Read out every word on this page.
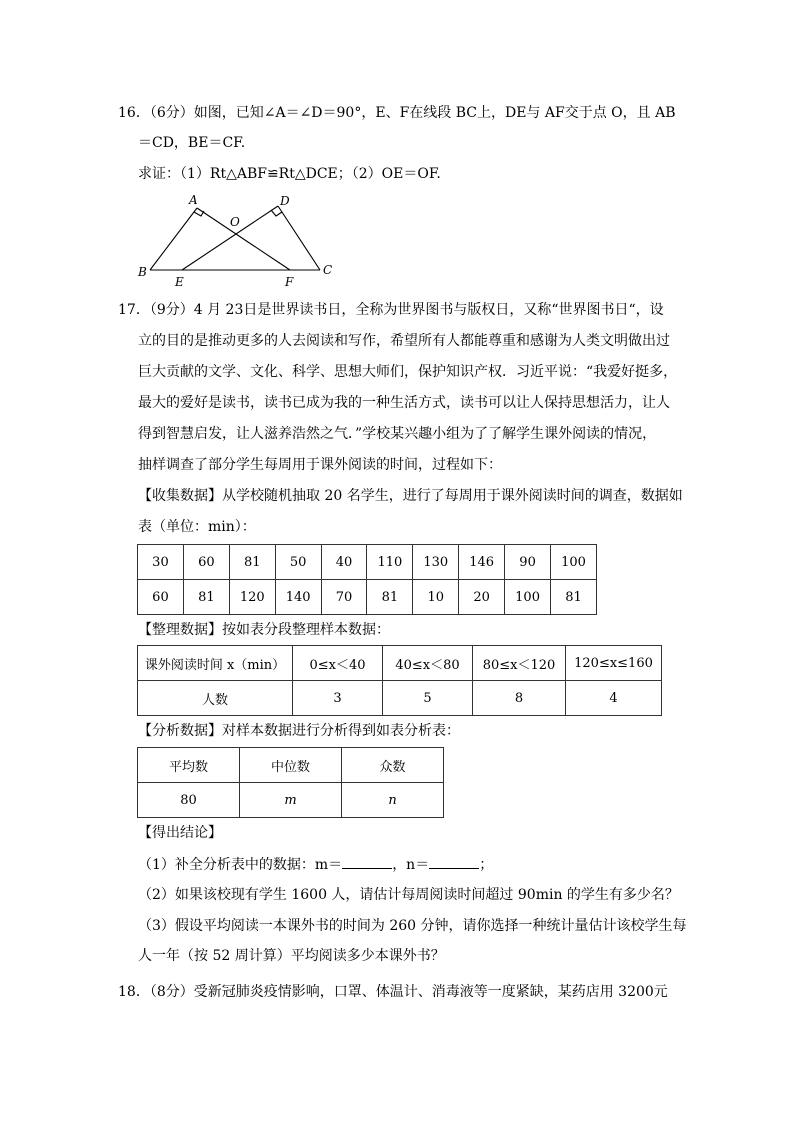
16．（6分）如图，已知∠A＝∠D＝90°，E、F在线段 BC上，DE与 AF交于点 O，且 AB
＝CD，BE＝CF.
求证：（1）Rt△ABF≌Rt△DCE；（2）OE＝OF.
A	D
O
B
E	F
C
17．（9分）4 月 23日是世界读书日，全称为世界图书与版权日，又称“世界图书日“，设
立的目的是推动更多的人去阅读和写作，希望所有人都能尊重和感谢为人类文明做出过
巨大贡献的文学、文化、科学、思想大师们，保护知识产权．习近平说：“我爱好挺多，
最大的爱好是读书，读书已成为我的一种生活方式，读书可以让人保持思想活力，让人
得到智慧启发，让人滋养浩然之气．”学校某兴趣小组为了了解学生课外阅读的情况，
抽样调查了部分学生每周用于课外阅读的时间，过程如下：
【收集数据】从学校随机抽取 20 名学生，进行了每周用于课外阅读时间的调查，数据如
表（单位：min）：
30	60	81	50	40	110	130	146	90	100
60	81	120	140	70	81	10	20	100	81
【整理数据】按如表分段整理样本数据：
课外阅读时间 x（min）	0≤x＜40	40≤x＜80	80≤x＜120	120≤x≤160
人数	3	5	8	4
【分析数据】对样本数据进行分析得到如表分析表：
平均数	中位数	众数
80	m	n
【得出结论】
（1）补全分析表中的数据：m＝	，n＝	；
（2）如果该校现有学生 1600 人，请估计每周阅读时间超过 90min 的学生有多少名？
（3）假设平均阅读一本课外书的时间为 260 分钟，请你选择一种统计量估计该校学生每
人一年（按 52 周计算）平均阅读多少本课外书？
18．（8分）受新冠肺炎疫情影响，口罩、体温计、消毒液等一度紧缺，某药店用 3200元
